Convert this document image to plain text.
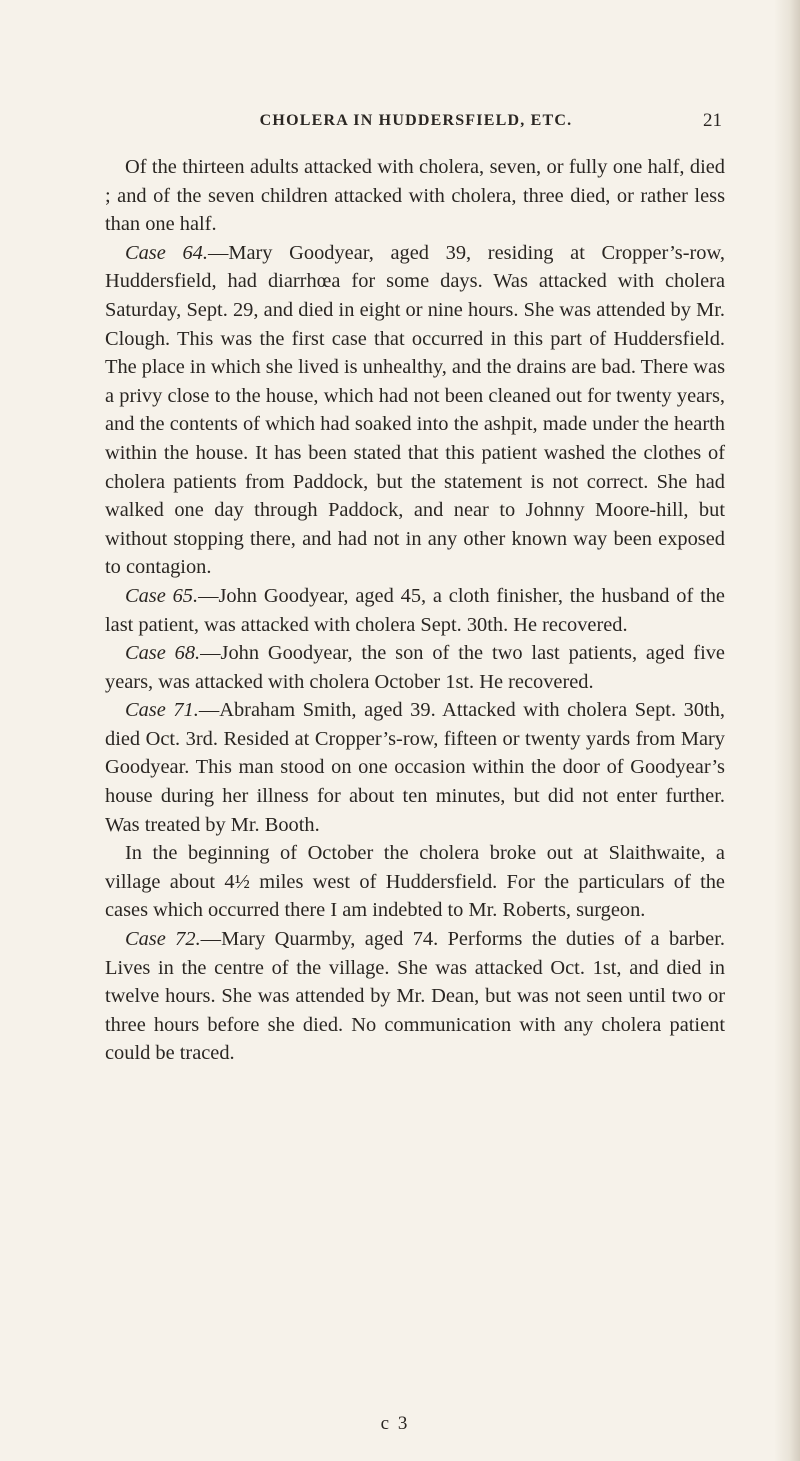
CHOLERA IN HUDDERSFIELD, ETC.	21

Of the thirteen adults attacked with cholera, seven, or fully one half, died ; and of the seven children attacked with cholera, three died, or rather less than one half.

Case 64.—Mary Goodyear, aged 39, residing at Cropper’s-row, Huddersfield, had diarrhœa for some days. Was attacked with cholera Saturday, Sept. 29, and died in eight or nine hours. She was attended by Mr. Clough. This was the first case that occurred in this part of Huddersfield. The place in which she lived is unhealthy, and the drains are bad. There was a privy close to the house, which had not been cleaned out for twenty years, and the contents of which had soaked into the ashpit, made under the hearth within the house. It has been stated that this patient washed the clothes of cholera patients from Paddock, but the statement is not correct. She had walked one day through Paddock, and near to Johnny Moore-hill, but without stopping there, and had not in any other known way been exposed to contagion.

Case 65.—John Goodyear, aged 45, a cloth finisher, the husband of the last patient, was attacked with cholera Sept. 30th. He recovered.

Case 68.—John Goodyear, the son of the two last patients, aged five years, was attacked with cholera October 1st. He recovered.

Case 71.—Abraham Smith, aged 39. Attacked with cholera Sept. 30th, died Oct. 3rd. Resided at Cropper’s-row, fifteen or twenty yards from Mary Goodyear. This man stood on one occasion within the door of Goodyear’s house during her illness for about ten minutes, but did not enter further. Was treated by Mr. Booth.

In the beginning of October the cholera broke out at Slaithwaite, a village about 4½ miles west of Huddersfield. For the particulars of the cases which occurred there I am indebted to Mr. Roberts, surgeon.

Case 72.—Mary Quarmby, aged 74. Performs the duties of a barber. Lives in the centre of the village. She was attacked Oct. 1st, and died in twelve hours. She was attended by Mr. Dean, but was not seen until two or three hours before she died. No communication with any cholera patient could be traced.

c 3
